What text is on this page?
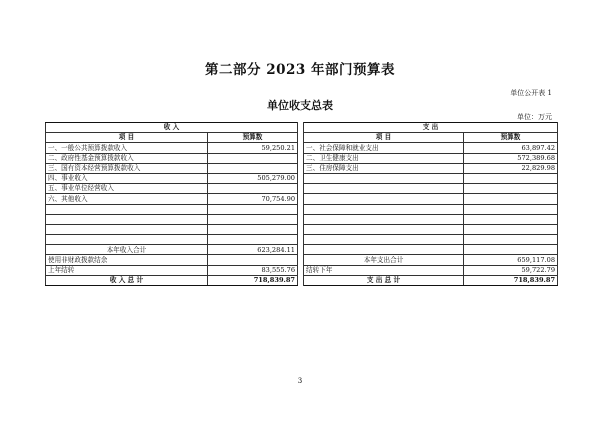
第二部分 2023 年部门预算表
单位公开表 1
单位收支总表
单位：万元
收 入			支 出	
项 目	预算数		项 目	预算数
一、一般公共预算拨款收入	59,250.21		一、社会保障和就业支出	63,897.42
二、政府性基金预算拨款收入			二、卫生健康支出	572,389.68
三、国有资本经营预算拨款收入			三、住房保障支出	22,829.98
四、事业收入	505,279.00			
五、事业单位经营收入				
六、其他收入	70,754.90			

本年收入合计	623,284.11			
使用非财政拨款结余			本年支出合计	659,117.08
上年结转	83,555.76		结转下年	59,722.79
收 入 总 计	718,839.87		支 出 总 计	718,839.87
3
